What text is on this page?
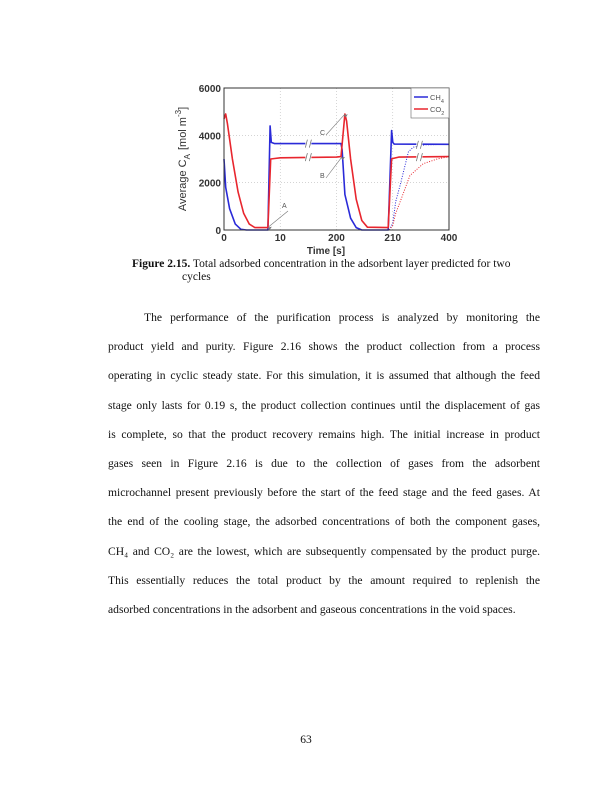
0	10	200	210	400
0
2000
4000
6000
Time [s]
Average $C_A[mol$ $m^{-3}$]
A
B
C
$CH_4$
$CO_2$
Figure 2.15. Total adsorbed concentration in the adsorbent layer predicted for two
cycles
The performance of the purification process is analyzed by monitoring the
product yield and purity. Figure 2.16 shows the product collection from a process
operating in cyclic steady state. For this simulation, it is assumed that although the feed
stage only lasts for 0.19 s, the product collection continues until the displacement of gas
is complete, so that the product recovery remains high. The initial increase in product
gases seen in Figure 2.16 is due to the collection of gases from the adsorbent
microchannel present previously before the start of the feed stage and the feed gases. At
the end of the cooling stage, the adsorbed concentrations of both the component gases,
CH₄ and CO₂ are the lowest, which are subsequently compensated by the product purge.
This essentially reduces the total product by the amount required to replenish the
adsorbed concentrations in the adsorbent and gaseous concentrations in the void spaces.
63
